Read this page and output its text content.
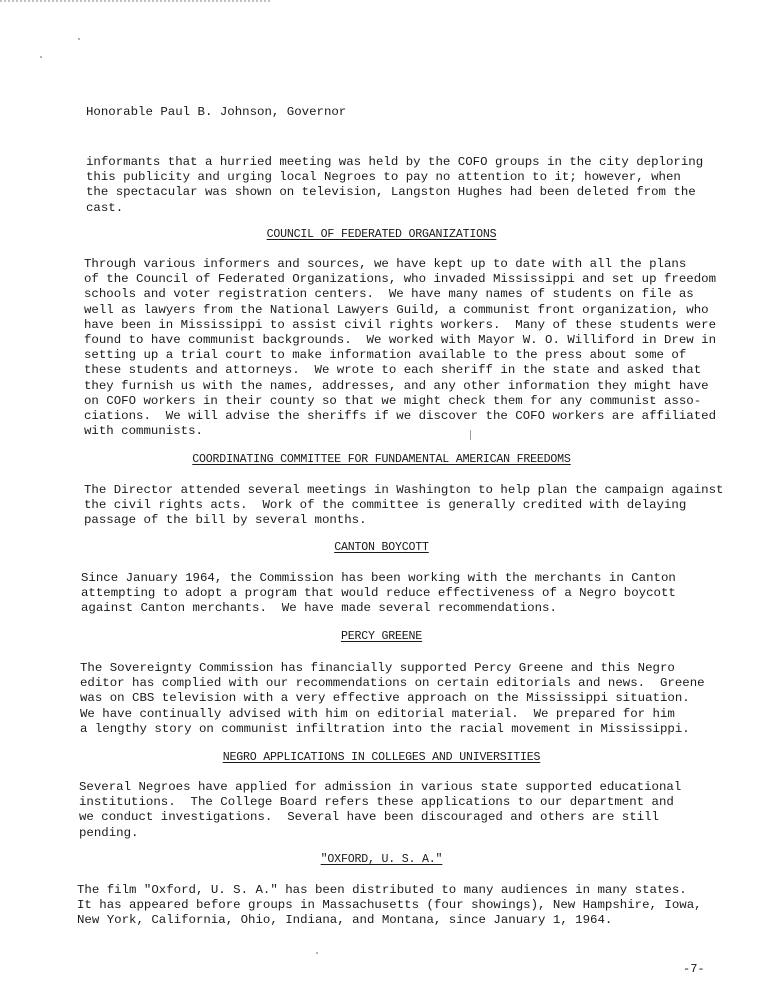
Honorable Paul B. Johnson, Governor
informants that a hurried meeting was held by the COFO groups in the city deploring
this publicity and urging local Negroes to pay no attention to it; however, when
the spectacular was shown on television, Langston Hughes had been deleted from the
cast.
COUNCIL OF FEDERATED ORGANIZATIONS
Through various informers and sources, we have kept up to date with all the plans
of the Council of Federated Organizations, who invaded Mississippi and set up freedom
schools and voter registration centers.  We have many names of students on file as
well as lawyers from the National Lawyers Guild, a communist front organization, who
have been in Mississippi to assist civil rights workers.  Many of these students were
found to have communist backgrounds.  We worked with Mayor W. O. Williford in Drew in
setting up a trial court to make information available to the press about some of
these students and attorneys.  We wrote to each sheriff in the state and asked that
they furnish us with the names, addresses, and any other information they might have
on COFO workers in their county so that we might check them for any communist asso-
ciations.  We will advise the sheriffs if we discover the COFO workers are affiliated
with communists.
COORDINATING COMMITTEE FOR FUNDAMENTAL AMERICAN FREEDOMS
The Director attended several meetings in Washington to help plan the campaign against
the civil rights acts.  Work of the committee is generally credited with delaying
passage of the bill by several months.
CANTON BOYCOTT
Since January 1964, the Commission has been working with the merchants in Canton
attempting to adopt a program that would reduce effectiveness of a Negro boycott
against Canton merchants.  We have made several recommendations.
PERCY GREENE
The Sovereignty Commission has financially supported Percy Greene and this Negro
editor has complied with our recommendations on certain editorials and news.  Greene
was on CBS television with a very effective approach on the Mississippi situation.
We have continually advised with him on editorial material.  We prepared for him
a lengthy story on communist infiltration into the racial movement in Mississippi.
NEGRO APPLICATIONS IN COLLEGES AND UNIVERSITIES
Several Negroes have applied for admission in various state supported educational
institutions.  The College Board refers these applications to our department and
we conduct investigations.  Several have been discouraged and others are still
pending.
"OXFORD, U. S. A."
The film "Oxford, U. S. A." has been distributed to many audiences in many states.
It has appeared before groups in Massachusetts (four showings), New Hampshire, Iowa,
New York, California, Ohio, Indiana, and Montana, since January 1, 1964.
-7-
